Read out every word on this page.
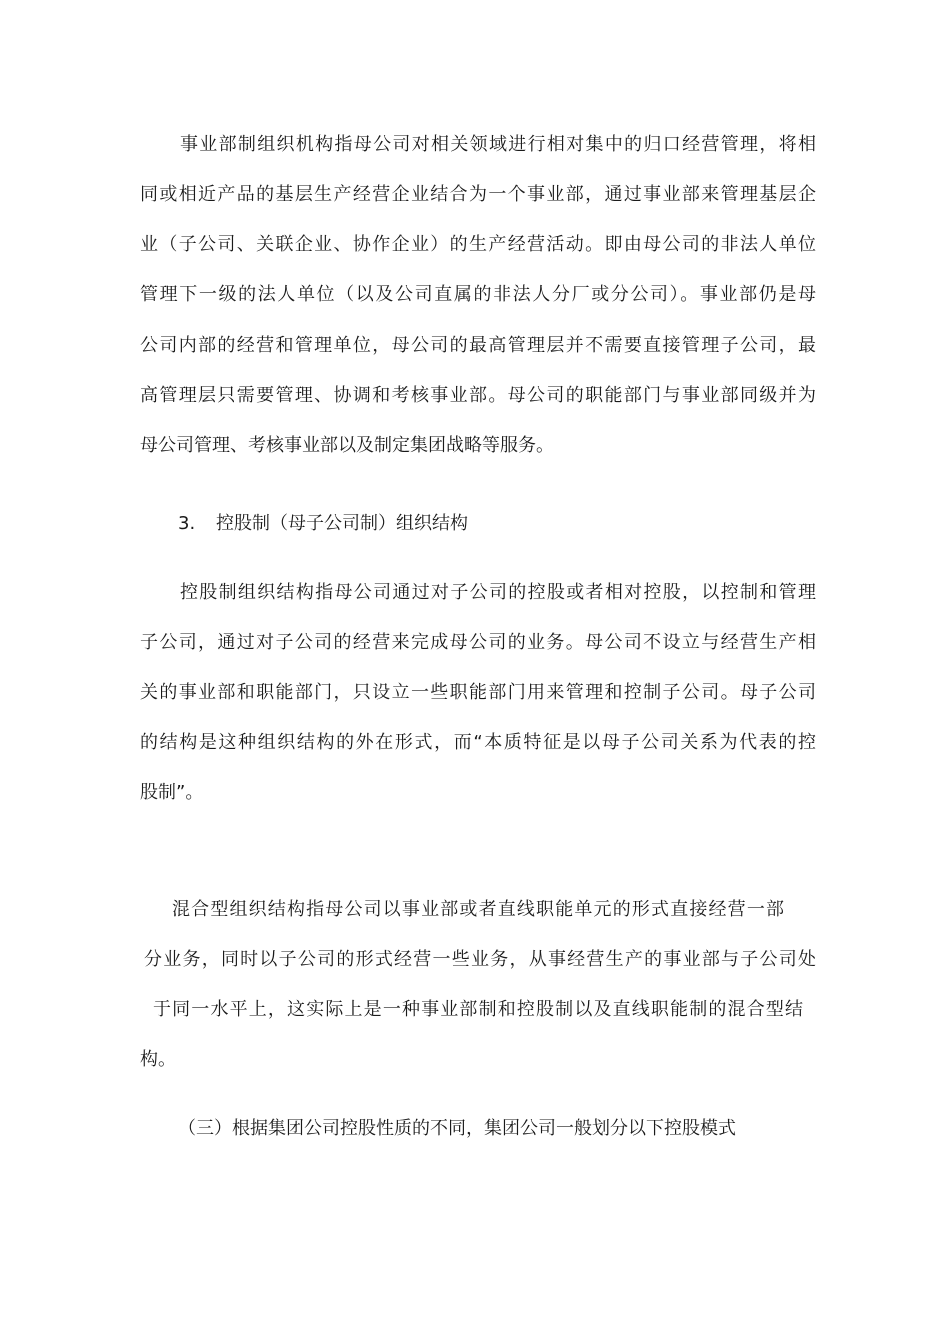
事业部制组织机构指母公司对相关领域进行相对集中的归口经营管理，将相
同或相近产品的基层生产经营企业结合为一个事业部，通过事业部来管理基层企
业（子公司、关联企业、协作企业）的生产经营活动。即由母公司的非法人单位
管理下一级的法人单位（以及公司直属的非法人分厂或分公司）。事业部仍是母
公司内部的经营和管理单位，母公司的最高管理层并不需要直接管理子公司，最
高管理层只需要管理、协调和考核事业部。母公司的职能部门与事业部同级并为
母公司管理、考核事业部以及制定集团战略等服务。
3. 控股制（母子公司制）组织结构
控股制组织结构指母公司通过对子公司的控股或者相对控股，以控制和管理
子公司，通过对子公司的经营来完成母公司的业务。母公司不设立与经营生产相
关的事业部和职能部门，只设立一些职能部门用来管理和控制子公司。母子公司
的结构是这种组织结构的外在形式，而“本质特征是以母子公司关系为代表的控
股制”。
混合型组织结构指母公司以事业部或者直线职能单元的形式直接经营一部
分业务，同时以子公司的形式经营一些业务，从事经营生产的事业部与子公司处
于同一水平上，这实际上是一种事业部制和控股制以及直线职能制的混合型结
构。
（三）根据集团公司控股性质的不同，集团公司一般划分以下控股模式
